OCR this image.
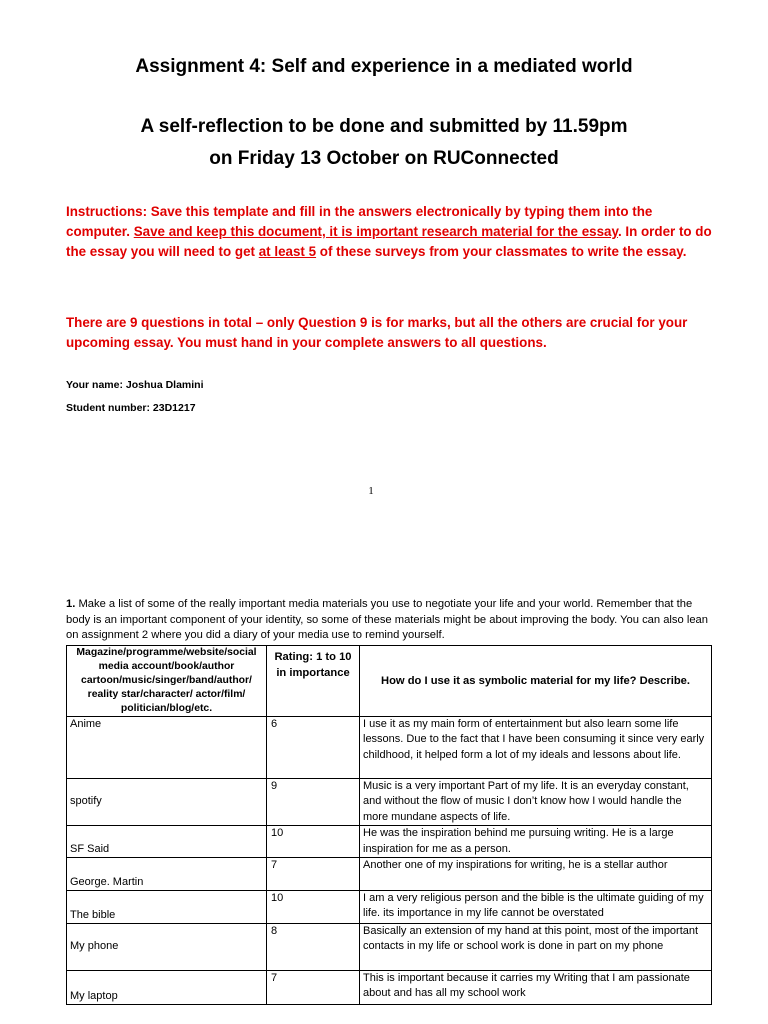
Assignment 4: Self and experience in a mediated world
A self-reflection to be done and submitted by 11.59pm
on Friday 13 October on RUConnected
Instructions: Save this template and fill in the answers electronically by typing them into the computer. Save and keep this document, it is important research material for the essay. In order to do the essay you will need to get at least 5 of these surveys from your classmates to write the essay.
There are 9 questions in total – only Question 9 is for marks, but all the others are crucial for your upcoming essay. You must hand in your complete answers to all questions.
Your name: Joshua Dlamini
Student number: 23D1217
1
1. Make a list of some of the really important media materials you use to negotiate your life and your world. Remember that the body is an important component of your identity, so some of these materials might be about improving the body. You can also lean on assignment 2 where you did a diary of your media use to remind yourself.
Magazine/programme/website/social media account/book/author cartoon/music/singer/band/author/ reality star/character/ actor/film/ politician/blog/etc.	Rating: 1 to 10 in importance	How do I use it as symbolic material for my life? Describe.
Anime	6	I use it as my main form of entertainment but also learn some life lessons. Due to the fact that I have been consuming it since very early childhood, it helped form a lot of my ideals and lessons about life.
spotify	9	Music is a very important Part of my life. It is an everyday constant, and without the flow of music I don’t know how I would handle the more mundane aspects of life.
SF Said	10	He was the inspiration behind me pursuing writing. He is a large inspiration for me as a person.
George. Martin	7	Another one of my inspirations for writing, he is a stellar author
The bible	10	I am a very religious person and the bible is the ultimate guiding of my life. its importance in my life cannot be overstated
My phone	8	Basically an extension of my hand at this point, most of the important contacts in my life or school work is done in part on my phone
My laptop	7	This is important because it carries my Writing that I am passionate about and has all my school work
